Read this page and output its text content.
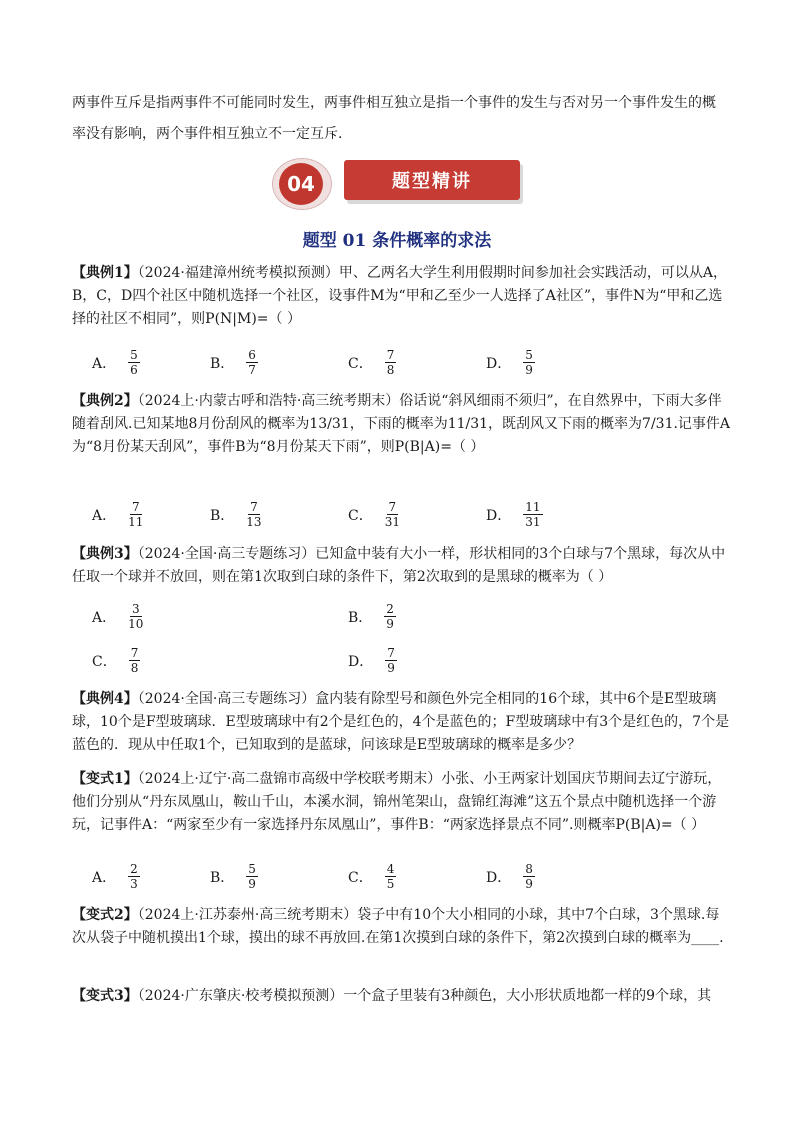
两事件互斥是指两事件不可能同时发生，两事件相互独立是指一个事件的发生与否对另一个事件发生的概
率没有影响，两个事件相互独立不一定互斥.
04	题型精讲
题型 01 条件概率的求法
【典例1】（2024·福建漳州统考模拟预测）甲、乙两名大学生利用假期时间参加社会实践活动，可以从A，B，C，D四个社区中随机选择一个社区，设事件M为“甲和乙至少一人选择了A社区”，事件N为“甲和乙选择的社区不相同”，则P(N|M)=（ ）
A． $\frac{5}{6}$	B． $\frac{6}{7}$	C． $\frac{7}{8}$	D． $\frac{5}{9}$
【典例2】（2024上·内蒙古呼和浩特·高三统考期末）俗话说“斜风细雨不须归”，在自然界中，下雨大多伴随着刮风.已知某地8月份刮风的概率为13/31，下雨的概率为11/31，既刮风又下雨的概率为7/31.记事件A为“8月份某天刮风”，事件B为“8月份某天下雨”，则P(B|A)=（ ）
A． $\frac{7}{11}$	B． $\frac{7}{13}$	C． $\frac{7}{31}$	D． $\frac{11}{31}$
【典例3】（2024·全国·高三专题练习）已知盒中装有大小一样，形状相同的3个白球与7个黑球，每次从中任取一个球并不放回，则在第1次取到白球的条件下，第2次取到的是黑球的概率为（ ）
A． $\frac{3}{10}$	B． $\frac{2}{9}$
C． $\frac{7}{8}$	D． $\frac{7}{9}$
【典例4】（2024·全国·高三专题练习）盒内装有除型号和颜色外完全相同的16个球，其中6个是E型玻璃球，10个是F型玻璃球．E型玻璃球中有2个是红色的，4个是蓝色的；F型玻璃球中有3个是红色的，7个是蓝色的．现从中任取1个，已知取到的是蓝球，问该球是E型玻璃球的概率是多少？
【变式1】（2024上·辽宁·高二盘锦市高级中学校联考期末）小张、小王两家计划国庆节期间去辽宁游玩，他们分别从“丹东凤凰山，鞍山千山，本溪水洞，锦州笔架山，盘锦红海滩”这五个景点中随机选择一个游玩，记事件A：“两家至少有一家选择丹东凤凰山”，事件B：“两家选择景点不同”.则概率P(B|A)=（ ）
A． $\frac{2}{3}$	B． $\frac{5}{9}$	C． $\frac{4}{5}$	D． $\frac{8}{9}$
【变式2】（2024上·江苏泰州·高三统考期末）袋子中有10个大小相同的小球，其中7个白球，3个黑球.每次从袋子中随机摸出1个球，摸出的球不再放回.在第1次摸到白球的条件下，第2次摸到白球的概率为____.
【变式3】（2024·广东肇庆·校考模拟预测）一个盒子里装有3种颜色，大小形状质地都一样的9个球，其
